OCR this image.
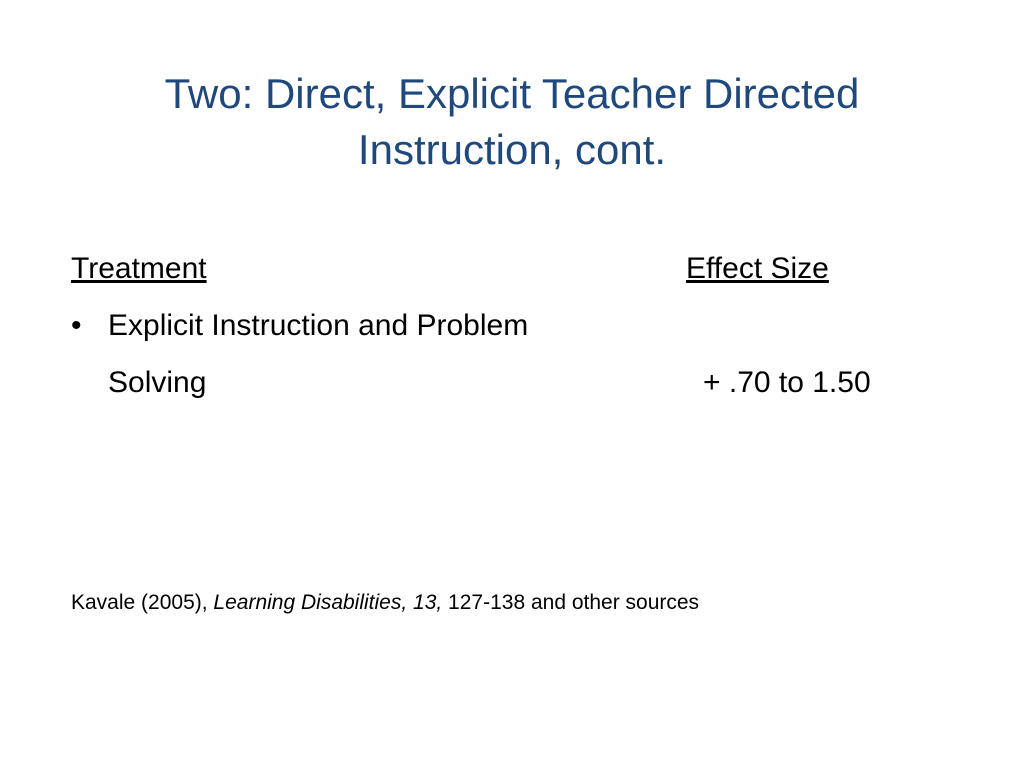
Two: Direct, Explicit Teacher Directed
Instruction, cont.
Treatment	Effect Size
• Explicit Instruction and Problem
Solving	+ .70 to 1.50
Kavale (2005), Learning Disabilities, 13, 127-138 and other sources
